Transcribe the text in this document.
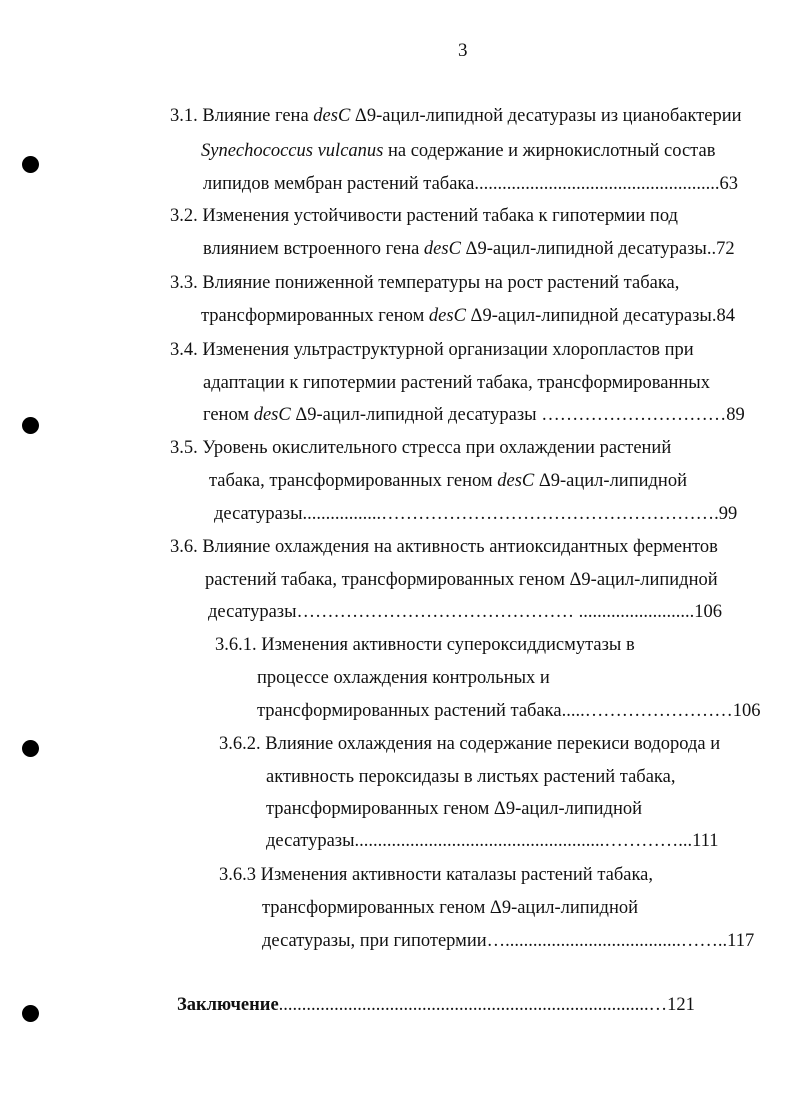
3
3.1. Влияние гена desC Δ9-ацил-липидной десатуразы из цианобактерии
Synechococcus vulcanus на содержание и жирнокислотный состав
липидов мембран растений табака.....................................................63
3.2. Изменения устойчивости растений табака к гипотермии под
влиянием встроенного гена desC Δ9-ацил-липидной десатуразы..72
3.3. Влияние пониженной температуры на рост растений табака,
трансформированных геном desC Δ9-ацил-липидной десатуразы.84
3.4. Изменения ультраструктурной организации хлоропластов при
адаптации к гипотермии растений табака, трансформированных
геном desC Δ9-ацил-липидной десатуразы …………………………89
3.5. Уровень окислительного стресса при охлаждении растений
табака, трансформированных геном desC Δ9-ацил-липидной
десатуразы.................……………………………………………….99
3.6. Влияние охлаждения на активность антиоксидантных ферментов
растений табака, трансформированных геном Δ9-ацил-липидной
десатуразы……………………………………… .........................106
3.6.1. Изменения активности супероксиддисмутазы в
процессе охлаждения контрольных и
трансформированных растений табака.....……………………106
3.6.2. Влияние охлаждения на содержание перекиси водорода и
активность пероксидазы в листьях растений табака,
трансформированных геном Δ9-ацил-липидной
десатуразы......................................................…………...111
3.6.3 Изменения активности каталазы растений табака,
трансформированных геном Δ9-ацил-липидной
десатуразы, при гипотермии…......................................……..117
Заключение................................................................................…121
